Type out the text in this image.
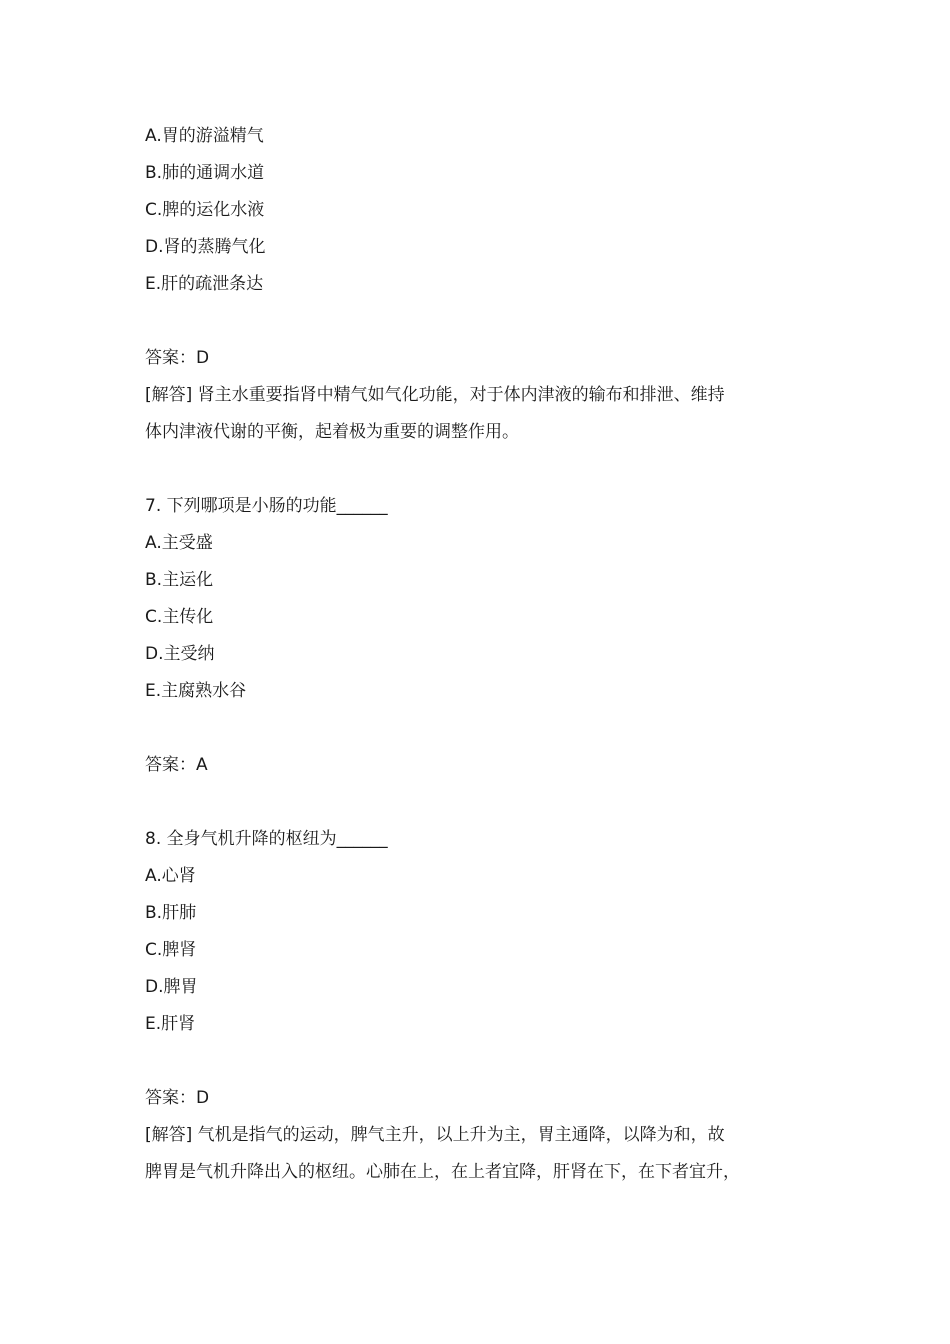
A.胃的游溢精气
B.肺的通调水道
C.脾的运化水液
D.肾的蒸腾气化
E.肝的疏泄条达
答案：D
[解答] 肾主水重要指肾中精气如气化功能，对于体内津液的输布和排泄、维持
体内津液代谢的平衡，起着极为重要的调整作用。
7. 下列哪项是小肠的功能______
A.主受盛
B.主运化
C.主传化
D.主受纳
E.主腐熟水谷
答案：A
8. 全身气机升降的枢纽为______
A.心肾
B.肝肺
C.脾肾
D.脾胃
E.肝肾
答案：D
[解答] 气机是指气的运动，脾气主升，以上升为主，胃主通降，以降为和，故
脾胃是气机升降出入的枢纽。心肺在上，在上者宜降，肝肾在下，在下者宜升，
